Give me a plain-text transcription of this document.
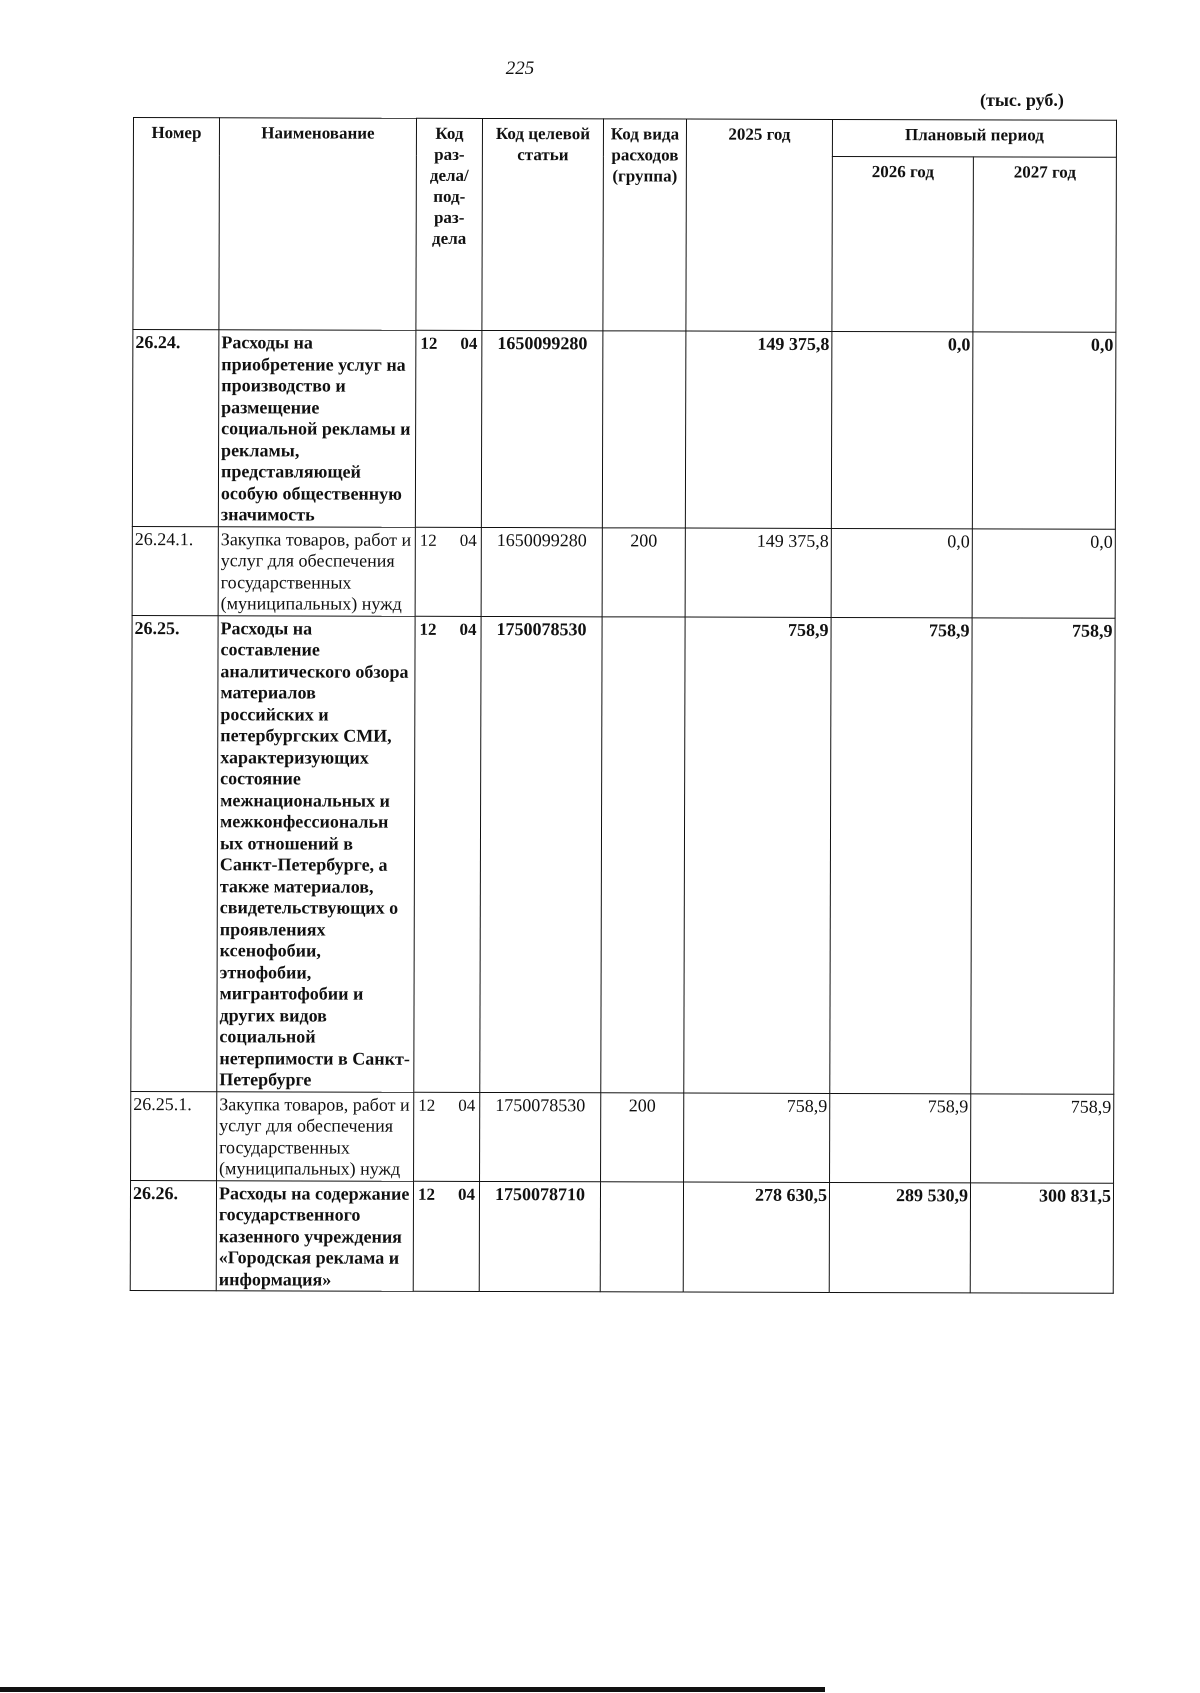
225
(тыс. руб.)
Номер	Наименование	Код раз- дела/ под- раз- дела	Код целевой статьи	Код вида расходов (группа)	2025 год	Плановый период	
						2026 год	2027 год
26.24.	Расходы на приобретение услуг на производство и размещение социальной рекламы и рекламы, представляющей особую общественную значимость	12 04	1650099280		149 375,8	0,0	0,0
26.24.1.	Закупка товаров, работ и услуг для обеспечения государственных (муниципальных) нужд	12 04	1650099280	200	149 375,8	0,0	0,0
26.25.	Расходы на составление аналитического обзора материалов российских и петербургских СМИ, характеризующих состояние межнациональных и межконфессиональн ых отношений в Санкт-Петербурге, а также материалов, свидетельствующих о проявлениях ксенофобии, этнофобии, мигрантофобии и других видов социальной нетерпимости в Санкт-Петербурге	12 04	1750078530		758,9	758,9	758,9
26.25.1.	Закупка товаров, работ и услуг для обеспечения государственных (муниципальных) нужд	12 04	1750078530	200	758,9	758,9	758,9
26.26.	Расходы на содержание государственного казенного учреждения «Городская реклама и информация»	12 04	1750078710		278 630,5	289 530,9	300 831,5
